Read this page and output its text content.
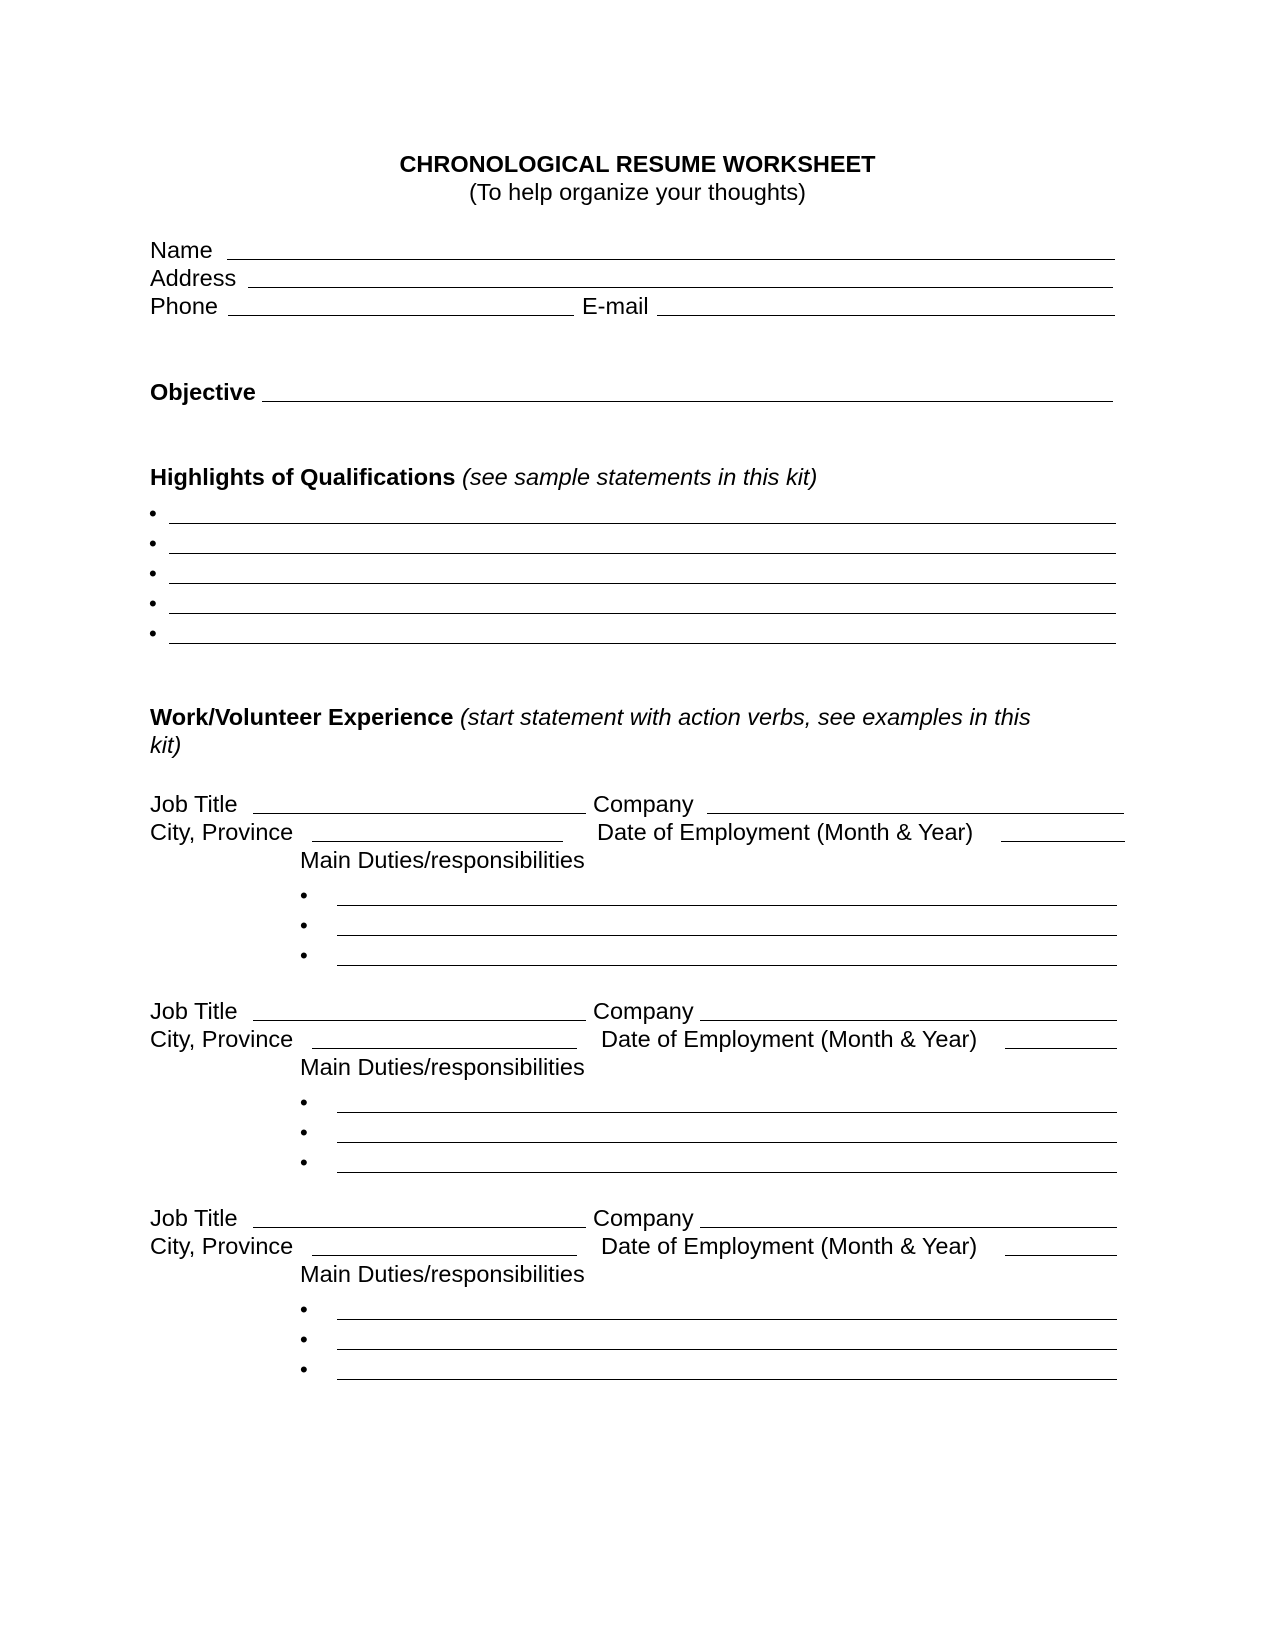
CHRONOLOGICAL RESUME WORKSHEET
(To help organize your thoughts)
Name
Address
Phone	E-mail
Objective
Highlights of Qualifications (see sample statements in this kit)
•
•
•
•
•
Work/Volunteer Experience (start statement with action verbs, see examples in this
kit)
Job Title	Company
City, Province	Date of Employment (Month & Year)
Main Duties/responsibilities
•
•
•
Job Title	Company
City, Province	Date of Employment (Month & Year)
Main Duties/responsibilities
•
•
•
Job Title	Company
City, Province	Date of Employment (Month & Year)
Main Duties/responsibilities
•
•
•
